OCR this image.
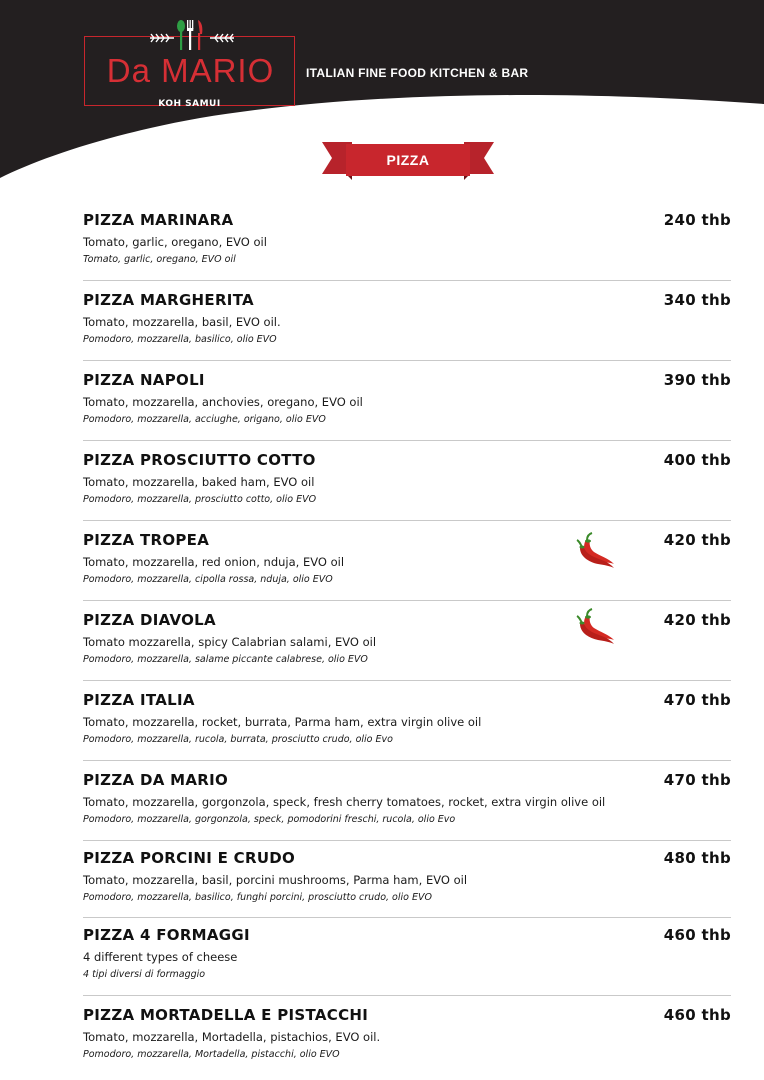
Da MARIO
KOH SAMUI
ITALIAN FINE FOOD KITCHEN & BAR
PIZZA
PIZZA MARINARA	240 thb
Tomato, garlic, oregano, EVO oil
Tomato, garlic, oregano, EVO oil
PIZZA MARGHERITA	340 thb
Tomato, mozzarella, basil, EVO oil.
Pomodoro, mozzarella, basilico, olio EVO
PIZZA NAPOLI	390 thb
Tomato, mozzarella, anchovies, oregano, EVO oil
Pomodoro, mozzarella, acciughe, origano, olio EVO
PIZZA PROSCIUTTO COTTO	400 thb
Tomato, mozzarella, baked ham, EVO oil
Pomodoro, mozzarella, prosciutto cotto, olio EVO
PIZZA TROPEA	420 thb
Tomato, mozzarella, red onion, nduja, EVO oil
Pomodoro, mozzarella, cipolla rossa, nduja, olio EVO
PIZZA DIAVOLA	420 thb
Tomato mozzarella, spicy Calabrian salami, EVO oil
Pomodoro, mozzarella, salame piccante calabrese, olio EVO
PIZZA ITALIA	470 thb
Tomato, mozzarella, rocket, burrata, Parma ham, extra virgin olive oil
Pomodoro, mozzarella, rucola, burrata, prosciutto crudo, olio Evo
PIZZA DA MARIO	470 thb
Tomato, mozzarella, gorgonzola, speck, fresh cherry tomatoes, rocket, extra virgin olive oil
Pomodoro, mozzarella, gorgonzola, speck, pomodorini freschi, rucola, olio Evo
PIZZA PORCINI E CRUDO	480 thb
Tomato, mozzarella, basil, porcini mushrooms, Parma ham, EVO oil
Pomodoro, mozzarella, basilico, funghi porcini, prosciutto crudo, olio EVO
PIZZA 4 FORMAGGI	460 thb
4 different types of cheese
4 tipi diversi di formaggio
PIZZA MORTADELLA E PISTACCHI	460 thb
Tomato, mozzarella, Mortadella, pistachios, EVO oil.
Pomodoro, mozzarella, Mortadella, pistacchi, olio EVO
